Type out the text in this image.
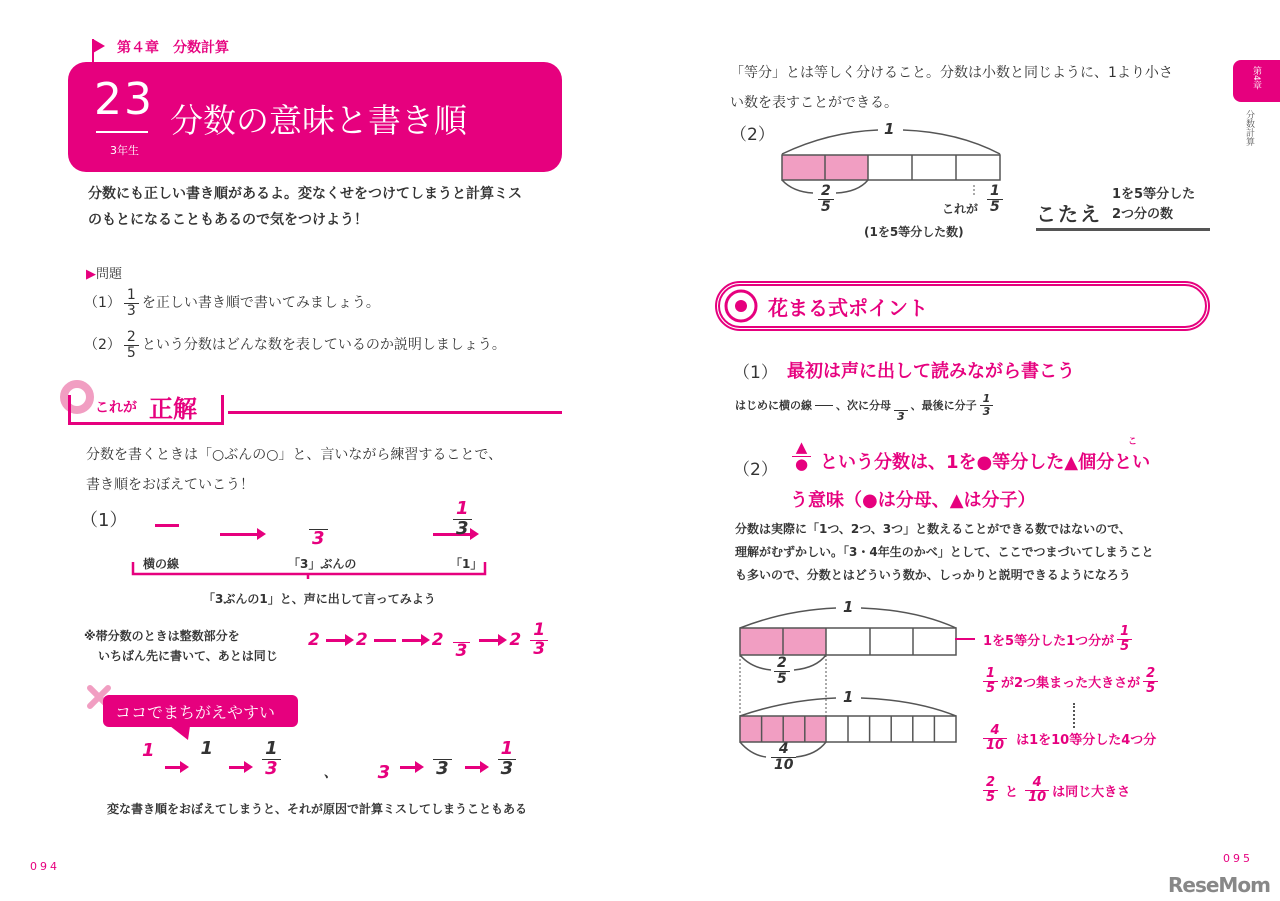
第４章　分数計算
23
3年生
分数の意味と書き順
分数にも正しい書き順があるよ。変なくせをつけてしまうと計算ミス
のもとになることもあるので気をつけよう！
▶問題
$(1) \frac{1}{3}$ を正しい書き順で書いてみましょう。
$(2) \frac{2}{5}$ という分数はどんな数を表しているのか説明しましょう。
これが 正解
分数を書くときは「○ぶんの○」と、言いながら練習することで、
書き順をおぼえていこう！
（1）

3	$\frac{1}{3}$
横の線	「3」ぶんの	「1」
「3ぶんの1」と、声に出して言ってみよう
※帯分数のときは整数部分を
いちばん先に書いて、あとは同じ
2 2	2
3
$2 \frac{1}{3}$
ココでまちがえやすい
1	1	$\frac{1}{3}$	、 3	3	$\frac{1}{3}$
変な書き順をおぼえてしまうと、それが原因で計算ミスしてしまうこともある
094
「等分」とは等しく分けること。分数は小数と同じように、1より小さ
い数を表すことができる。
（2）	1
$\frac{2}{5}$	これが $\frac{1}{5}$
(1を5等分した数)
こたえ
1を5等分した
2つ分の数
花まる式ポイント
（1） 最初は声に出して読みながら書こう
はじめに横の線 、次に分母
3
、最後に分子 $\frac{1}{3}$
$(2) \frac{▲}{●}$	こ
という分数は、1を●等分した▲個分とい
う意味（●は分母、▲は分子）
分数は実際に「1つ、2つ、3つ」と数えることができる数ではないので、
理解がむずかしい。「3・4年生のかべ」として、ここでつまづいてしまうこと
も多いので、分数とはどういう数か、しっかりと説明できるようになろう
1
1
$\frac{2}{5}$
$\frac{4}{10}$
1を5等分した1つ分が $\frac{1}{5}$
$\frac{1}{5}$ が2つ集まった大きさが $\frac{2}{5}$
$\frac{4}{10}$ は1を10等分した4つ分
$\frac{2}{5}$ と $\frac{4}{10}$ は同じ大きさ
第4章
分数計算
095
ReseMom
